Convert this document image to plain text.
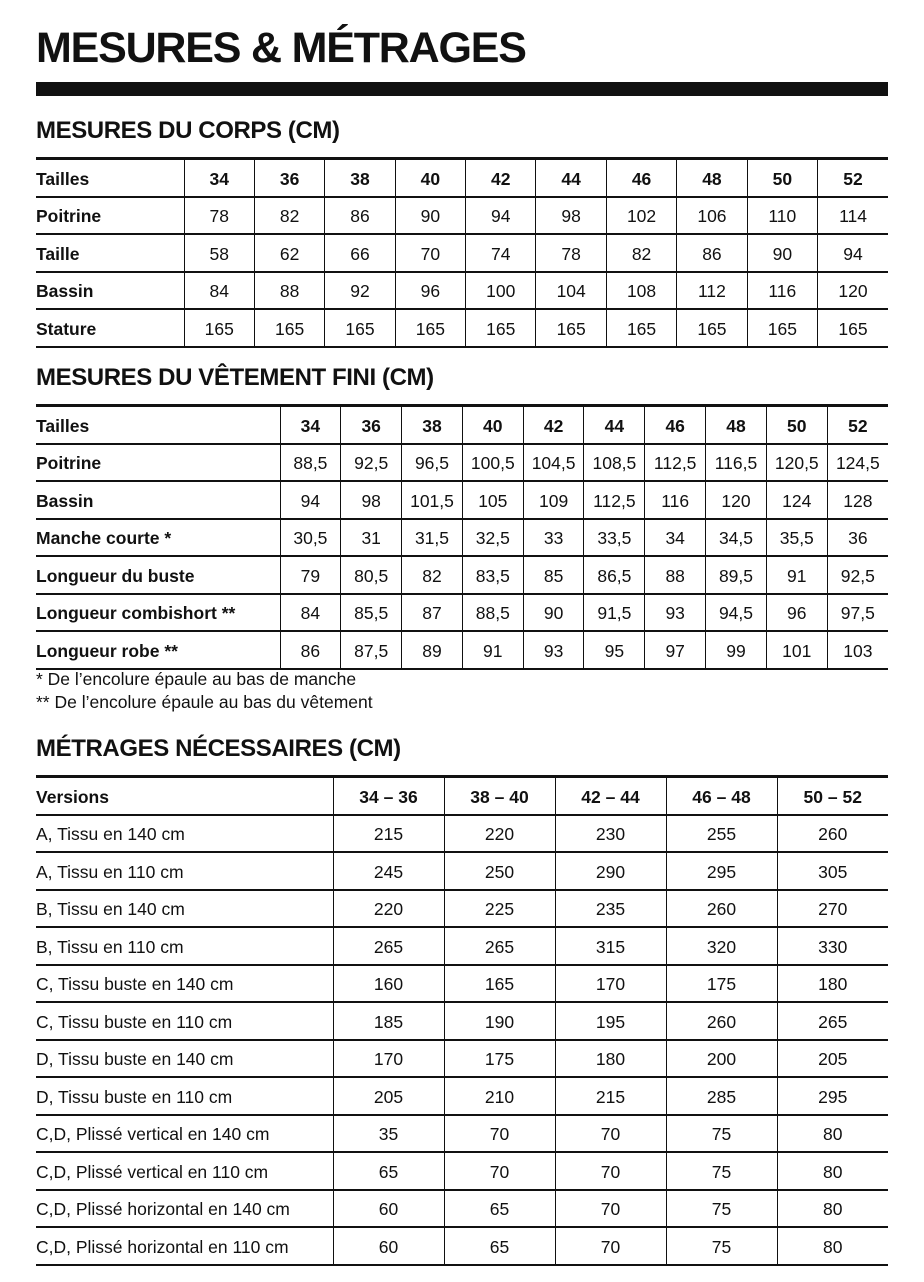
MESURES & MÉTRAGES
MESURES DU CORPS (CM)
Tailles	34	36	38	40	42	44	46	48	50	52
Poitrine	78	82	86	90	94	98	102	106	110	114
Taille	58	62	66	70	74	78	82	86	90	94
Bassin	84	88	92	96	100	104	108	112	116	120
Stature	165	165	165	165	165	165	165	165	165	165
MESURES DU VÊTEMENT FINI (CM)
Tailles	34	36	38	40	42	44	46	48	50	52
Poitrine	88,5	92,5	96,5	100,5	104,5	108,5	112,5	116,5	120,5	124,5
Bassin	94	98	101,5	105	109	112,5	116	120	124	128
Manche courte *	30,5	31	31,5	32,5	33	33,5	34	34,5	35,5	36
Longueur du buste	79	80,5	82	83,5	85	86,5	88	89,5	91	92,5
Longueur combishort **	84	85,5	87	88,5	90	91,5	93	94,5	96	97,5
Longueur robe **	86	87,5	89	91	93	95	97	99	101	103
* De l’encolure épaule au bas de manche
** De l’encolure épaule au bas du vêtement
MÉTRAGES NÉCESSAIRES (CM)
Versions	34 – 36	38 – 40	42 – 44	46 – 48	50 – 52
A, Tissu en 140 cm	215	220	230	255	260
A, Tissu en 110 cm	245	250	290	295	305
B, Tissu en 140 cm	220	225	235	260	270
B, Tissu en 110 cm	265	265	315	320	330
C, Tissu buste en 140 cm	160	165	170	175	180
C, Tissu buste en 110 cm	185	190	195	260	265
D, Tissu buste en 140 cm	170	175	180	200	205
D, Tissu buste en 110 cm	205	210	215	285	295
C,D, Plissé vertical en 140 cm	35	70	70	75	80
C,D, Plissé vertical en 110 cm	65	70	70	75	80
C,D, Plissé horizontal en 140 cm	60	65	70	75	80
C,D, Plissé horizontal en 110 cm	60	65	70	75	80
